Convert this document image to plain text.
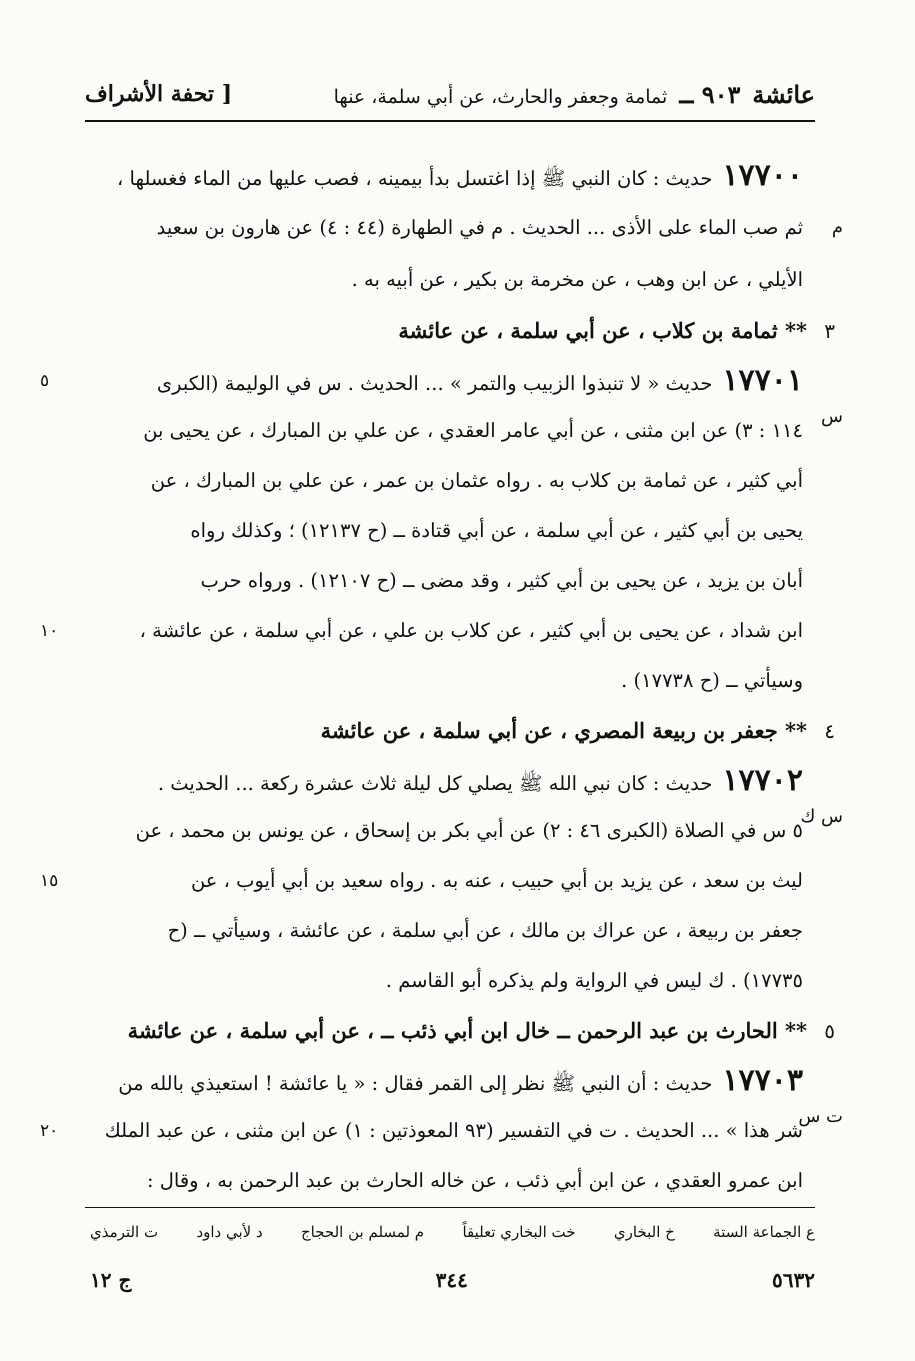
عائشة
٩٠٣ ــ
ثمامة وجعفر والحارث، عن أبي سلمة، عنها
[ تحفة الأشراف
١٧٧٠٠حديث : كان النبي ﷺ إذا اغتسل بدأ بيمينه ، فصب عليها من الماء فغسلها ،
م
ثم صب الماء على الأذى ... الحديث . م في الطهارة (٤٤ : ٤) عن هارون بن سعيد
الأيلي ، عن ابن وهب ، عن مخرمة بن بكير ، عن أبيه به .
٣** ثمامة بن كلاب ، عن أبي سلمة ، عن عائشة
٥	١٧٧٠١حديث « لا تنبذوا الزبيب والتمر » ... الحديث . س في الوليمة (الكبرى
س
١١٤ : ٣) عن ابن مثنى ، عن أبي عامر العقدي ، عن علي بن المبارك ، عن يحيى بن
أبي كثير ، عن ثمامة بن كلاب به . رواه عثمان بن عمر ، عن علي بن المبارك ، عن
يحيى بن أبي كثير ، عن أبي سلمة ، عن أبي قتادة ــ (ح ١٢١٣٧) ؛ وكذلك رواه
أبان بن يزيد ، عن يحيى بن أبي كثير ، وقد مضى ــ (ح ١٢١٠٧) . ورواه حرب
١٠	ابن شداد ، عن يحيى بن أبي كثير ، عن كلاب بن علي ، عن أبي سلمة ، عن عائشة ،
وسيأتي ــ (ح ١٧٧٣٨) .
٤** جعفر بن ربيعة المصري ، عن أبي سلمة ، عن عائشة
١٧٧٠٢حديث : كان نبي الله ﷺ يصلي كل ليلة ثلاث عشرة ركعة ... الحديث .
س ك
٥ س في الصلاة (الكبرى ٤٦ : ٢) عن أبي بكر بن إسحاق ، عن يونس بن محمد ، عن
١٥	ليث بن سعد ، عن يزيد بن أبي حبيب ، عنه به . رواه سعيد بن أبي أيوب ، عن
جعفر بن ربيعة ، عن عراك بن مالك ، عن أبي سلمة ، عن عائشة ، وسيأتي ــ (ح
١٧٧٣٥) . ك ليس في الرواية ولم يذكره أبو القاسم .
٥** الحارث بن عبد الرحمن ــ خال ابن أبي ذئب ــ ، عن أبي سلمة ، عن عائشة
١٧٧٠٣حديث : أن النبي ﷺ نظر إلى القمر فقال : « يا عائشة ! استعيذي بالله من
ت س
٢٠ شر هذا » ... الحديث . ت في التفسير (٩٣ المعوذتين : ١) عن ابن مثنى ، عن عبد الملك
ابن عمرو العقدي ، عن ابن أبي ذئب ، عن خاله الحارث بن عبد الرحمن به ، وقال :
ع الجماعة الستة
خ البخاري
خت البخاري تعليقاً
م لمسلم بن الحجاج
د لأبي داود
ت الترمذي
٥٦٣٢
٣٤٤
ج ١٢
